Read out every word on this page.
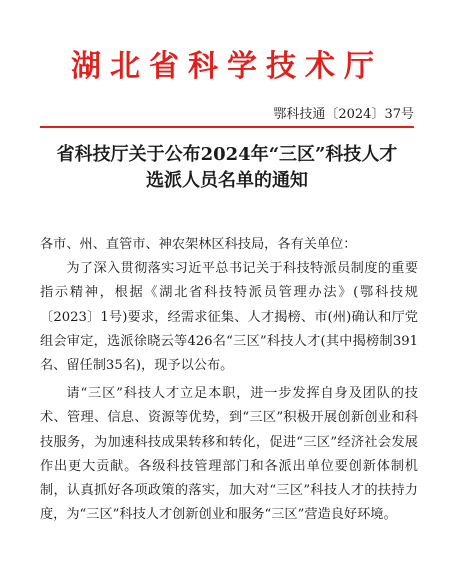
湖北省科学技术厅
鄂科技通〔2024〕37号
省科技厅关于公布2024年“三区”科技人才
选派人员名单的通知

各市、州、直管市、神农架林区科技局，各有关单位：

为了深入贯彻落实习近平总书记关于科技特派员制度的重要指示精神，根据《湖北省科技特派员管理办法》(鄂科技规〔2023〕1号)要求，经需求征集、人才揭榜、市(州)确认和厅党组会审定，选派徐晓云等426名“三区”科技人才(其中揭榜制391名、留任制35名)，现予以公布。

请“三区”科技人才立足本职，进一步发挥自身及团队的技术、管理、信息、资源等优势，到“三区”积极开展创新创业和科技服务，为加速科技成果转移和转化，促进“三区”经济社会发展作出更大贡献。各级科技管理部门和各派出单位要创新体制机制，认真抓好各项政策的落实，加大对“三区”科技人才的扶持力度，为“三区”科技人才创新创业和服务“三区”营造良好环境。
